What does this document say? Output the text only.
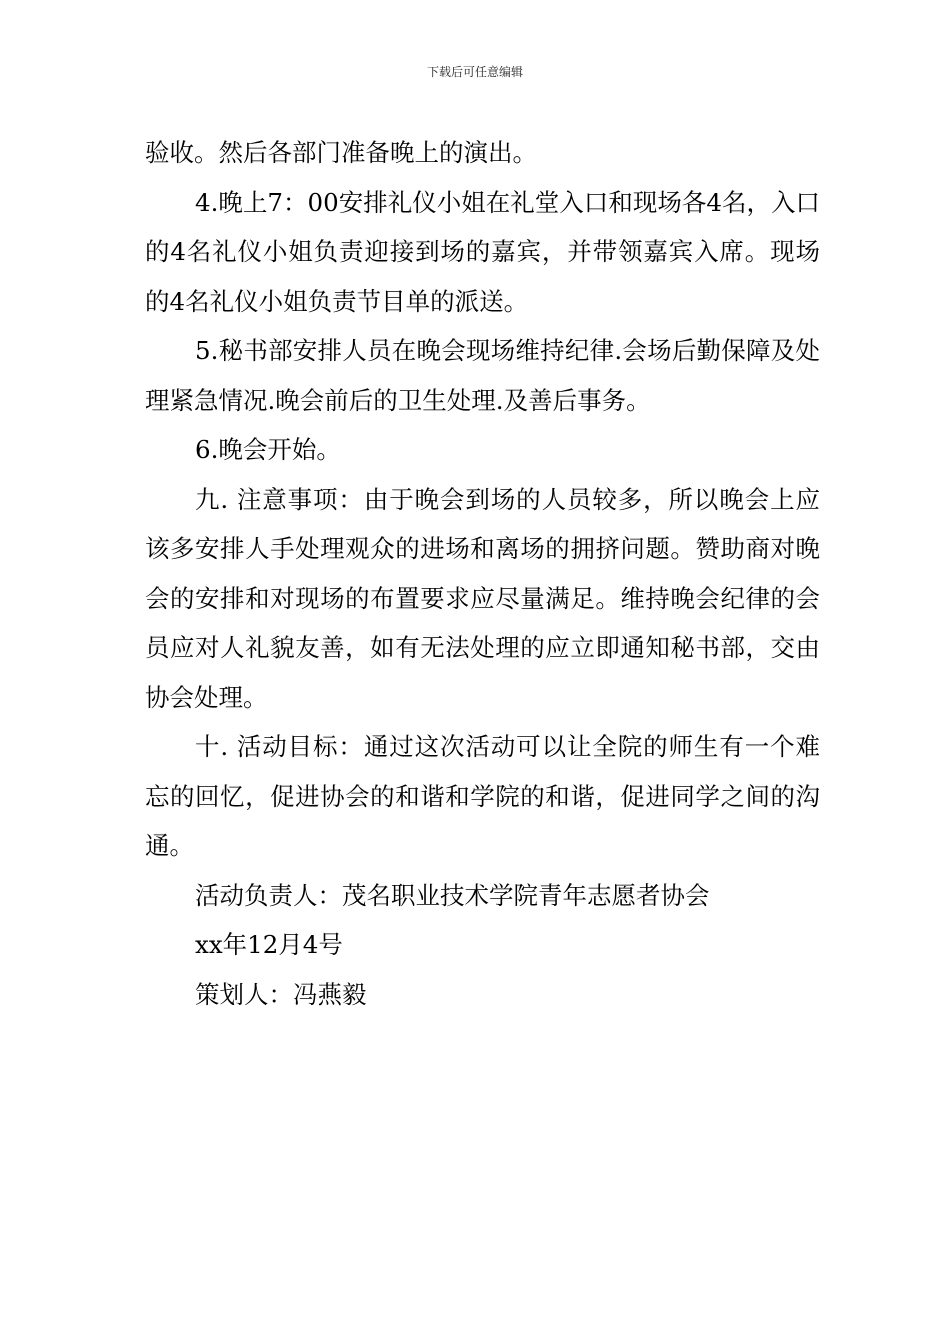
下载后可任意编辑

验收。然后各部门准备晚上的演出。

4.晚上7：00安排礼仪小姐在礼堂入口和现场各4名，入口的4名礼仪小姐负责迎接到场的嘉宾，并带领嘉宾入席。现场的4名礼仪小姐负责节目单的派送。

5.秘书部安排人员在晚会现场维持纪律.会场后勤保障及处理紧急情况.晚会前后的卫生处理.及善后事务。

6.晚会开始。

九. 注意事项：由于晚会到场的人员较多，所以晚会上应该多安排人手处理观众的进场和离场的拥挤问题。赞助商对晚会的安排和对现场的布置要求应尽量满足。维持晚会纪律的会员应对人礼貌友善，如有无法处理的应立即通知秘书部，交由协会处理。

十. 活动目标：通过这次活动可以让全院的师生有一个难忘的回忆，促进协会的和谐和学院的和谐，促进同学之间的沟通。

活动负责人：茂名职业技术学院青年志愿者协会

xx年12月4号

策划人：冯燕毅
